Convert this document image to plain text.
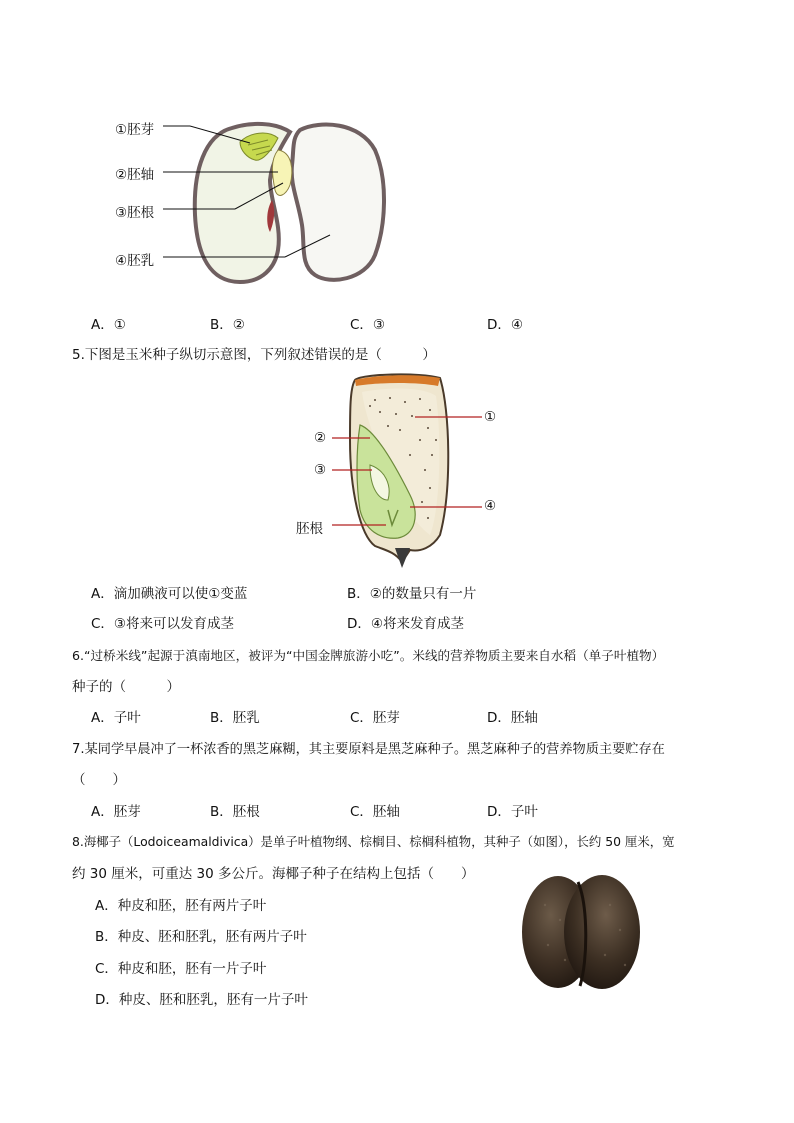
①胚芽
②胚轴
③胚根
④胚乳
A．①	B．②	C．③	D．④
5.下图是玉米种子纵切示意图，下列叙述错误的是（　　　）
①
②
③
④
胚根
A．滴加碘液可以使①变蓝	B．②的数量只有一片
C．③将来可以发育成茎	D．④将来发育成茎
6.“过桥米线”起源于滇南地区，被评为“中国金牌旅游小吃”。米线的营养物质主要来自水稻（单子叶植物）
种子的（　　　）
A．子叶	B．胚乳	C．胚芽	D．胚轴
7.某同学早晨冲了一杯浓香的黑芝麻糊，其主要原料是黑芝麻种子。黑芝麻种子的营养物质主要贮存在
（　　）
A．胚芽	B．胚根	C．胚轴	D．子叶
8.海椰子（Lodoiceamaldivica）是单子叶植物纲、棕榈目、棕榈科植物，其种子（如图），长约 50 厘米，宽
约 30 厘米，可重达 30 多公斤。海椰子种子在结构上包括（　　）
A．种皮和胚，胚有两片子叶
B．种皮、胚和胚乳，胚有两片子叶
C．种皮和胚，胚有一片子叶
D．种皮、胚和胚乳，胚有一片子叶
